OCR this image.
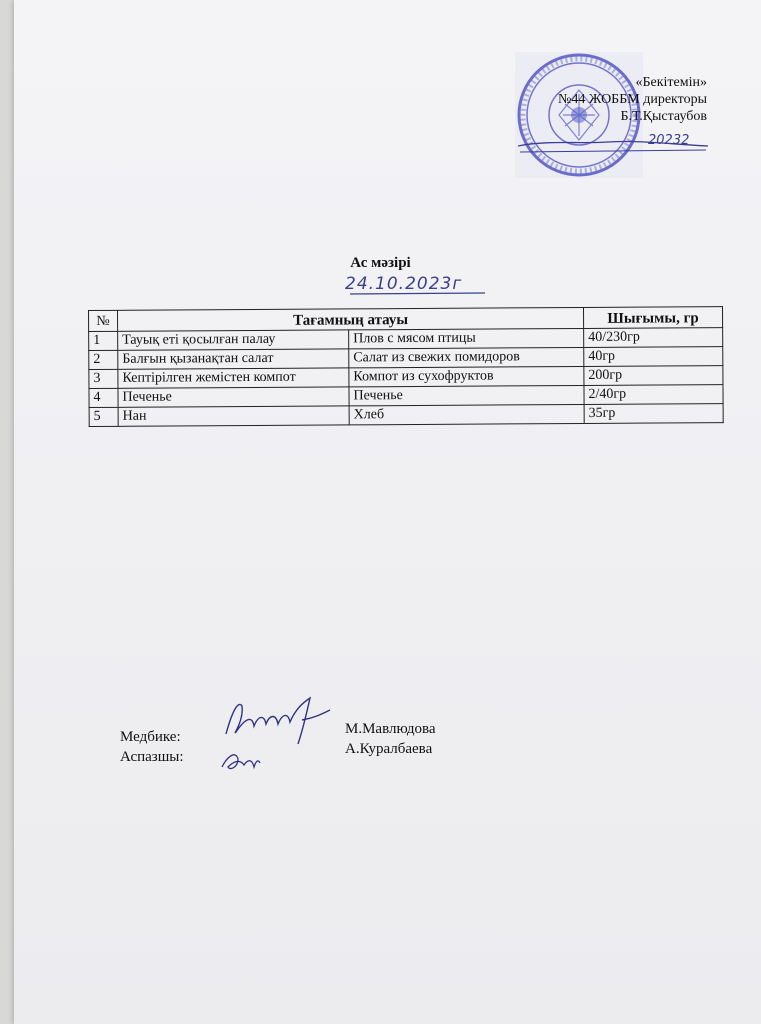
«Бекітемін»
№44 ЖОББМ директоры
Б.Т.Қыстаубов
20232
Ас мәзірі
24.10.2023г
№	Тағамның атауы		Шығымы, гр
1	Тауық еті қосылған палау	Плов с мясом птицы	40/230гр
2	Балғын қызанақтан салат	Салат из свежих помидоров	40гр
3	Кептірілген жемістен компот	Компот из сухофруктов	200гр
4	Печенье	Печенье	2/40гр
5	Нан	Хлеб	35гр
Медбике:
Аспазшы:
М.Мавлюдова
А.Куралбаева
